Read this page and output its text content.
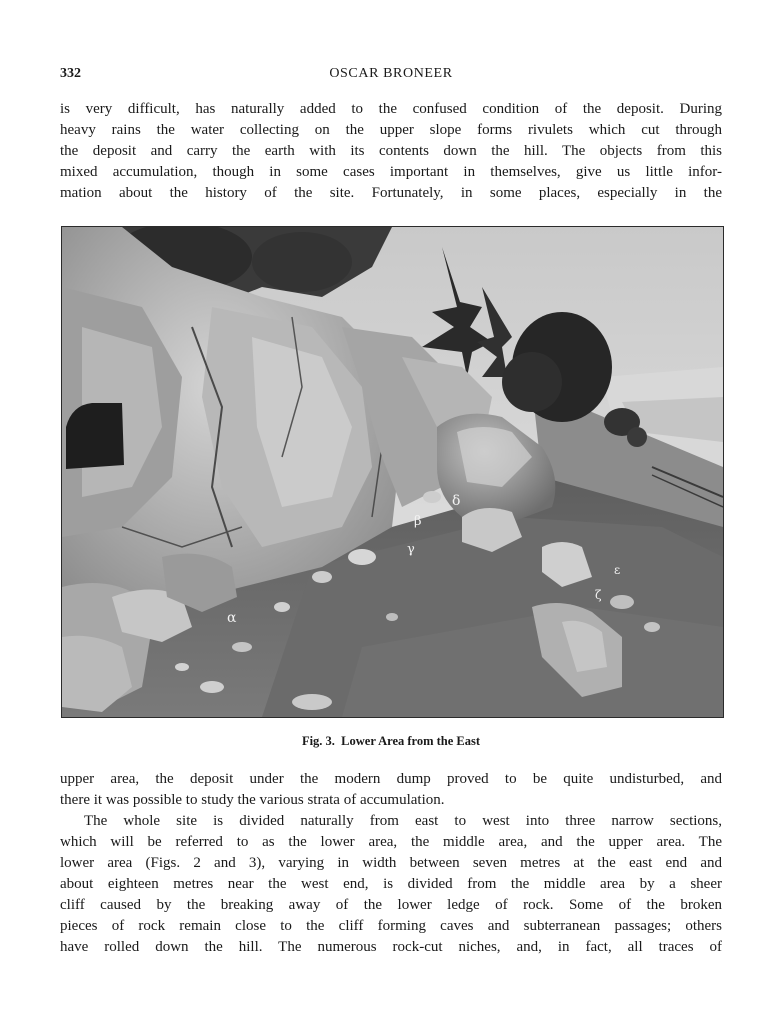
332	OSCAR BRONEER
is very difficult, has naturally added to the confused condition of the deposit. During
heavy rains the water collecting on the upper slope forms rivulets which cut through
the deposit and carry the earth with its contents down the hill. The objects from this
mixed accumulation, though in some cases important in themselves, give us little infor-
mation about the history of the site. Fortunately, in some places, especially in the
α
β
γ
δ
ε
ζ
Fig. 3. Lower Area from the East
upper area, the deposit under the modern dump proved to be quite undisturbed, and
there it was possible to study the various strata of accumulation.
The whole site is divided naturally from east to west into three narrow sections,
which will be referred to as the lower area, the middle area, and the upper area. The
lower area (Figs. 2 and 3), varying in width between seven metres at the east end and
about eighteen metres near the west end, is divided from the middle area by a sheer
cliff caused by the breaking away of the lower ledge of rock. Some of the broken
pieces of rock remain close to the cliff forming caves and subterranean passages; others
have rolled down the hill. The numerous rock-cut niches, and, in fact, all traces of
